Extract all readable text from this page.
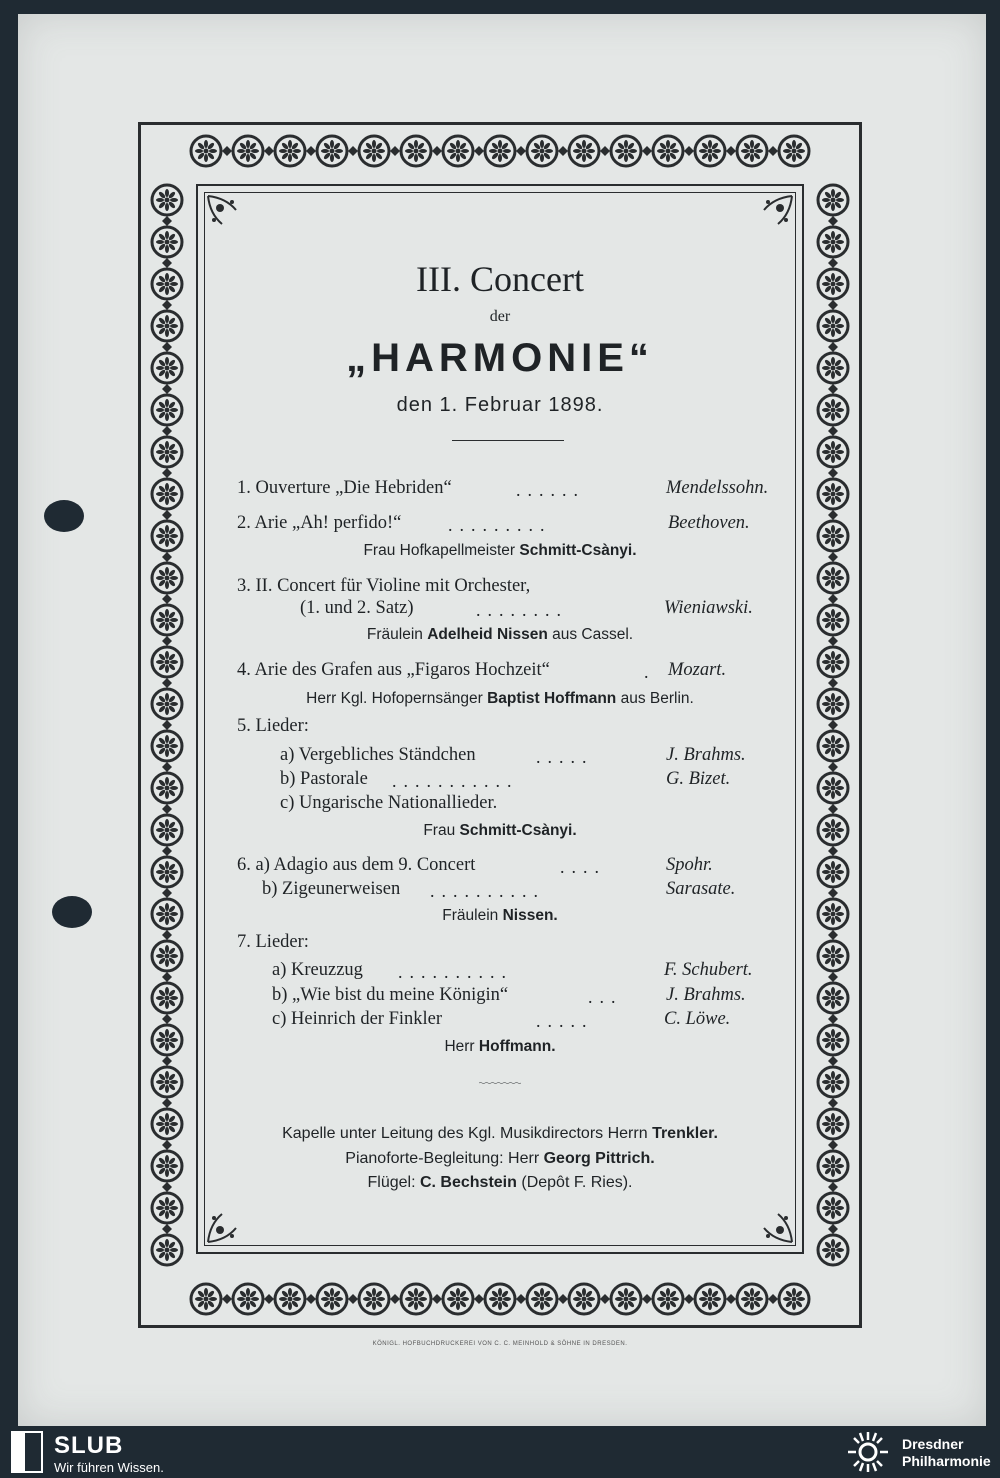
III. Concert
der
„HARMONIE“
den 1. Februar 1898.
1. Ouverture „Die Hebriden“	......	Mendelssohn.
2. Arie „Ah! perfido!“	.........	Beethoven.
Frau Hofkapellmeister Schmitt-Csànyi.
3. II. Concert für Violine mit Orchester,
(1. und 2. Satz)	........	Wieniawski.
Fräulein Adelheid Nissen aus Cassel.
4. Arie des Grafen aus „Figaros Hochzeit“	. Mozart.
Herr Kgl. Hofopernsänger Baptist Hoffmann aus Berlin.
5. Lieder:
a) Vergebliches Ständchen	.....	J. Brahms.
b) Pastorale ...........	G. Bizet.
c) Ungarische Nationallieder.
Frau Schmitt-Csànyi.
6. a) Adagio aus dem 9. Concert	....	Spohr.
b) Zigeunerweisen ..........	Sarasate.
Fräulein Nissen.
7. Lieder:
a) Kreuzzug ..........	F. Schubert.
b) „Wie bist du meine Königin“	... J. Brahms.
c) Heinrich der Finkler	.....	C. Löwe.
Herr Hoffmann.
Kapelle unter Leitung des Kgl. Musikdirectors Herrn Trenkler.
Pianoforte-Begleitung: Herr Georg Pittrich.
Flügel: C. Bechstein (Depôt F. Ries).
KÖNIGL. HOFBUCHDRUCKEREI VON C. C. MEINHOLD & SÖHNE IN DRESDEN.
SLUB
Wir führen Wissen.
Dresdner
Philharmonie
